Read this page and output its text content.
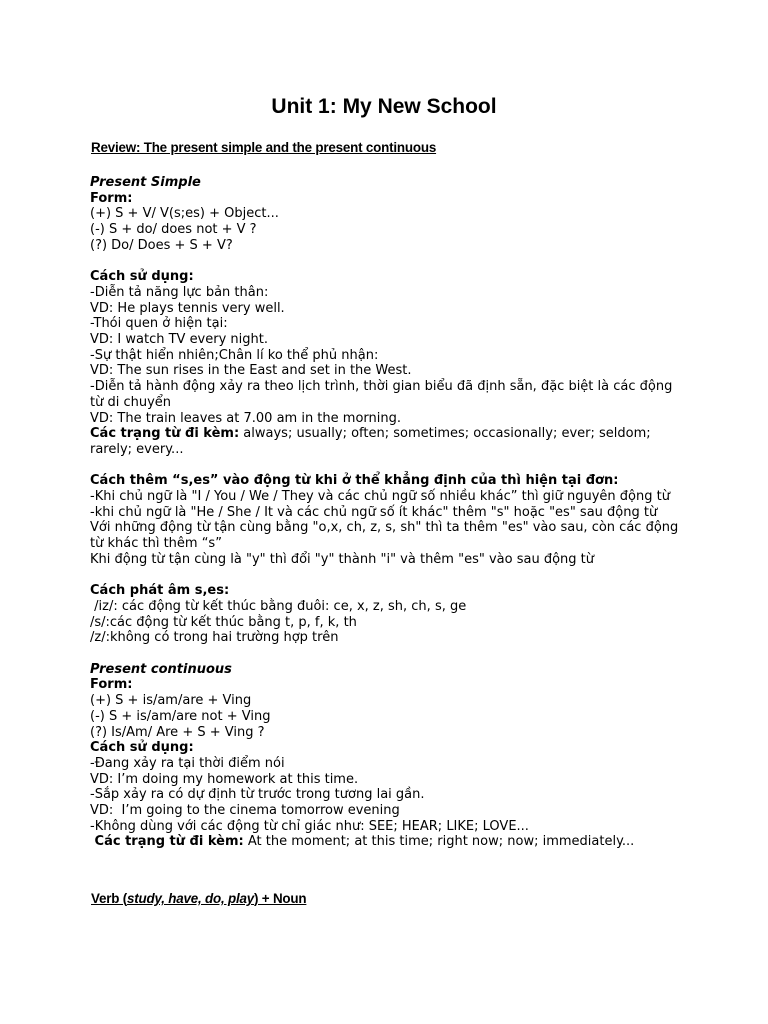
Unit 1: My New School
Review: The present simple and the present continuous

Present Simple

Form:

(+) S + V/ V(s;es) + Object...

(-) S + do/ does not + V ?

(?) Do/ Does + S + V?

Cách sử dụng:

-Diễn tả năng lực bản thân:

VD: He plays tennis very well.

-Thói quen ở hiện tại:

VD: I watch TV every night.

-Sự thật hiển nhiên;Chân lí ko thể phủ nhận:

VD: The sun rises in the East and set in the West.

-Diễn tả hành động xảy ra theo lịch trình, thời gian biểu đã định sẵn, đặc biệt là các động từ di chuyển

VD: The train leaves at 7.00 am in the morning.

Các trạng từ đi kèm: always; usually; often; sometimes; occasionally; ever; seldom; rarely; every...

Cách thêm “s,es” vào động từ khi ở thể khẳng định của thì hiện tại đơn:

-Khi chủ ngữ là "I / You / We / They và các chủ ngữ số nhiều khác” thì giữ nguyên động từ

-khi chủ ngữ là "He / She / It và các chủ ngữ số ít khác" thêm "s" hoặc "es" sau động từ

Với những động từ tận cùng bằng "o,x, ch, z, s, sh" thì ta thêm "es" vào sau, còn các động từ khác thì thêm “s”

Khi động từ tận cùng là "y" thì đổi "y" thành "i" và thêm "es" vào sau động từ

Cách phát âm s,es:

/iz/: các động từ kết thúc bằng đuôi: ce, x, z, sh, ch, s, ge

/s/:các động từ kết thúc bằng t, p, f, k, th

/z/:không có trong hai trường hợp trên

Present continuous

Form:

(+) S + is/am/are + Ving

(-) S + is/am/are not + Ving

(?) Is/Am/ Are + S + Ving ?

Cách sử dụng:

-Đang xảy ra tại thời điểm nói

VD: I’m doing my homework at this time.

-Sắp xảy ra có dự định từ trước trong tương lai gần.

VD:  I’m going to the cinema tomorrow evening

-Không dùng với các động từ chỉ giác như: SEE; HEAR; LIKE; LOVE...

Các trạng từ đi kèm: At the moment; at this time; right now; now; immediately...

Verb (study, have, do, play) + Noun
